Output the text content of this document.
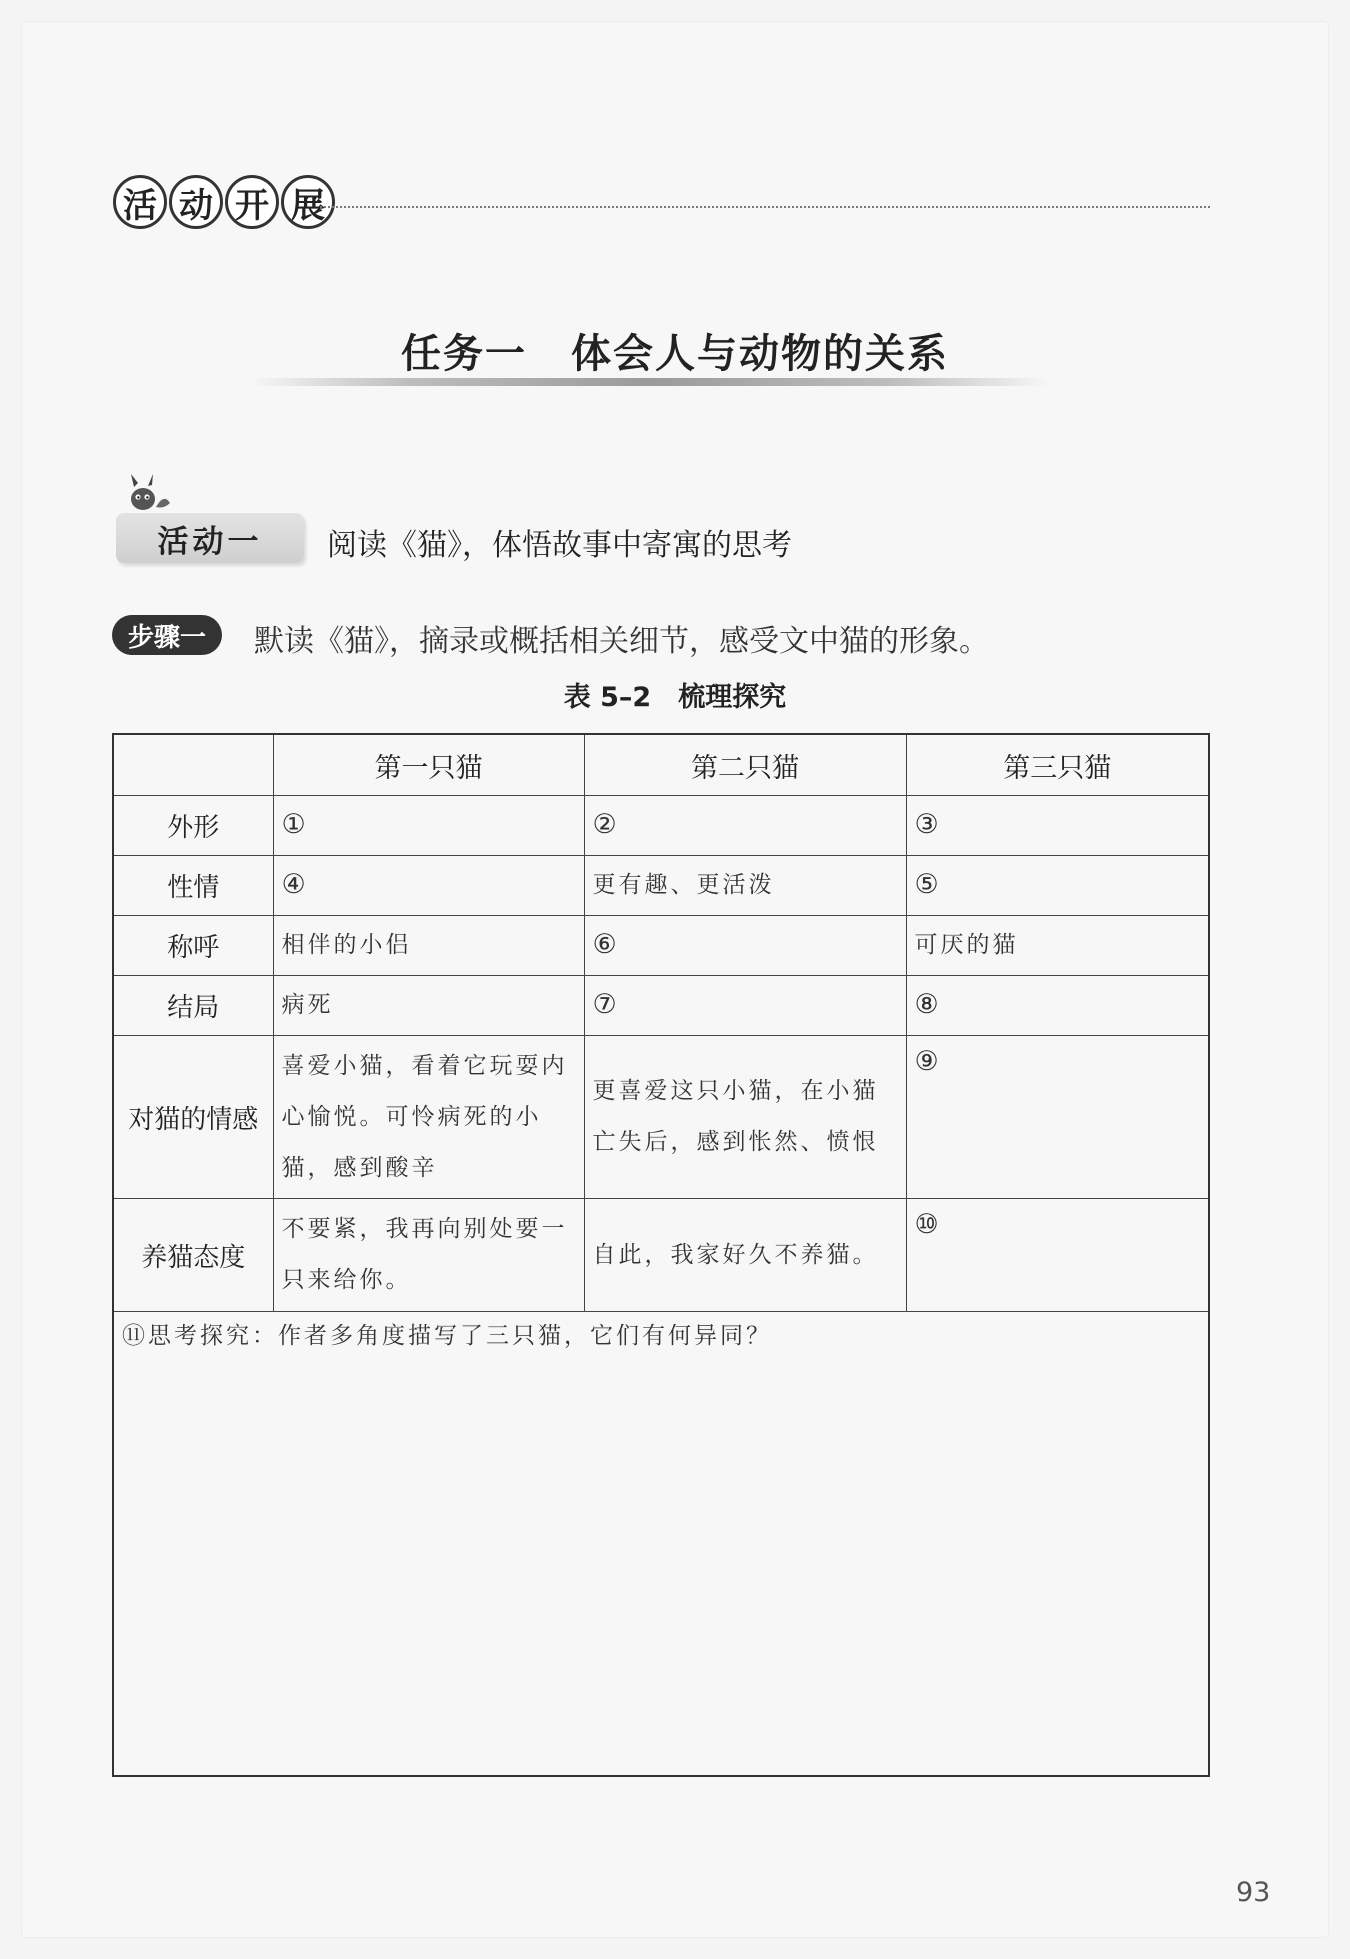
活 动 开 展
任务一 体会人与动物的关系
活动一	阅读《猫》，体悟故事中寄寓的思考
步骤一	默读《猫》，摘录或概括相关细节，感受文中猫的形象。
表 5–2　梳理探究
	第一只猫	第二只猫	第三只猫
外形	①	②	③
性情	④	更有趣、更活泼	⑤
称呼	相伴的小侣	⑥	可厌的猫
结局	病死	⑦	⑧
对猫的情感	喜爱小猫，看着它玩耍内心愉悦。可怜病死的小猫，感到酸辛	更喜爱这只小猫，在小猫亡失后，感到怅然、愤恨	⑨
养猫态度	不要紧，我再向别处要一只来给你。	自此，我家好久不养猫。	⑩
⑪思考探究：作者多角度描写了三只猫，它们有何异同？			
93
